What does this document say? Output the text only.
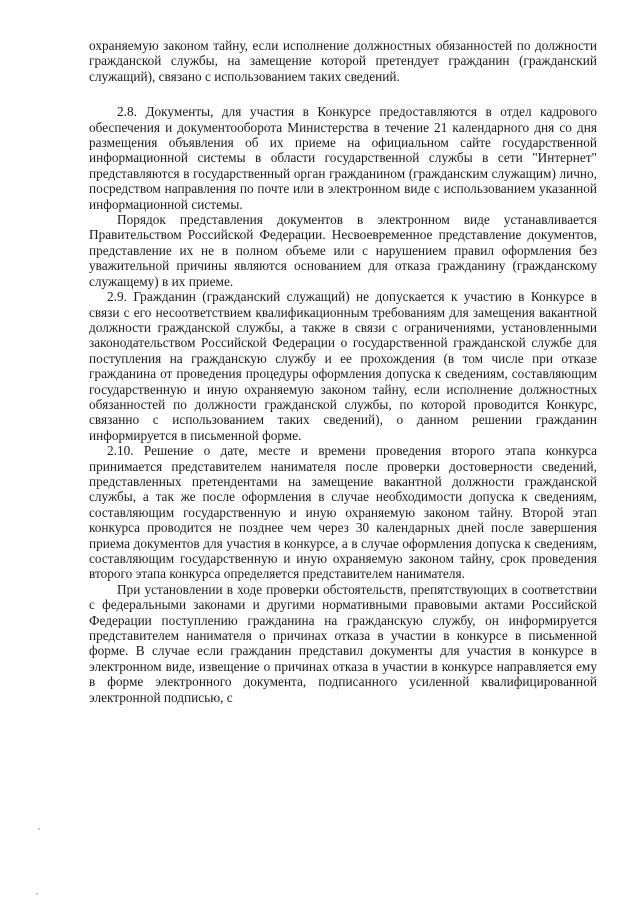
охраняемую законом тайну, если исполнение должностных обязанностей по должности гражданской службы, на замещение которой претендует гражданин (гражданский служащий), связано с использованием таких сведений.

2.8. Документы, для участия в Конкурсе предоставляются в отдел кадрового обеспечения и документооборота Министерства в течение 21 календарного дня со дня размещения объявления об их приеме на официальном сайте государственной информационной системы в области государственной службы в сети "Интернет" представляются в государственный орган гражданином (гражданским служащим) лично, посредством направления по почте или в электронном виде с использованием указанной информационной системы.

Порядок представления документов в электронном виде устанавливается Правительством Российской Федерации. Несвоевременное представление документов, представление их не в полном объеме или с нарушением правил оформления без уважительной причины являются основанием для отказа гражданину (гражданскому служащему) в их приеме.

2.9. Гражданин (гражданский служащий) не допускается к участию в Конкурсе в связи с его несоответствием квалификационным требованиям для замещения вакантной должности гражданской службы, а также в связи с ограничениями, установленными законодательством Российской Федерации о государственной гражданской службе для поступления на гражданскую службу и ее прохождения (в том числе при отказе гражданина от проведения процедуры оформления допуска к сведениям, составляющим государственную и иную охраняемую законом тайну, если исполнение должностных обязанностей по должности гражданской службы, по которой проводится Конкурс, связанно с использованием таких сведений), о данном решении гражданин информируется в письменной форме.

2.10. Решение о дате, месте и времени проведения второго этапа конкурса принимается представителем нанимателя после проверки достоверности сведений, представленных претендентами на замещение вакантной должности гражданской службы, а так же после оформления в случае необходимости допуска к сведениям, составляющим государственную и иную охраняемую законом тайну. Второй этап конкурса проводится не позднее чем через 30 календарных дней после завершения приема документов для участия в конкурсе, а в случае оформления допуска к сведениям, составляющим государственную и иную охраняемую законом тайну, срок проведения второго этапа конкурса определяется представителем нанимателя.

При установлении в ходе проверки обстоятельств, препятствующих в соответствии с федеральными законами и другими нормативными правовыми актами Российской Федерации поступлению гражданина на гражданскую службу, он информируется представителем нанимателя о причинах отказа в участии в конкурсе в письменной форме. В случае если гражданин представил документы для участия в конкурсе в электронном виде, извещение о причинах отказа в участии в конкурсе направляется ему в форме электронного документа, подписанного усиленной квалифицированной электронной подписью, с
